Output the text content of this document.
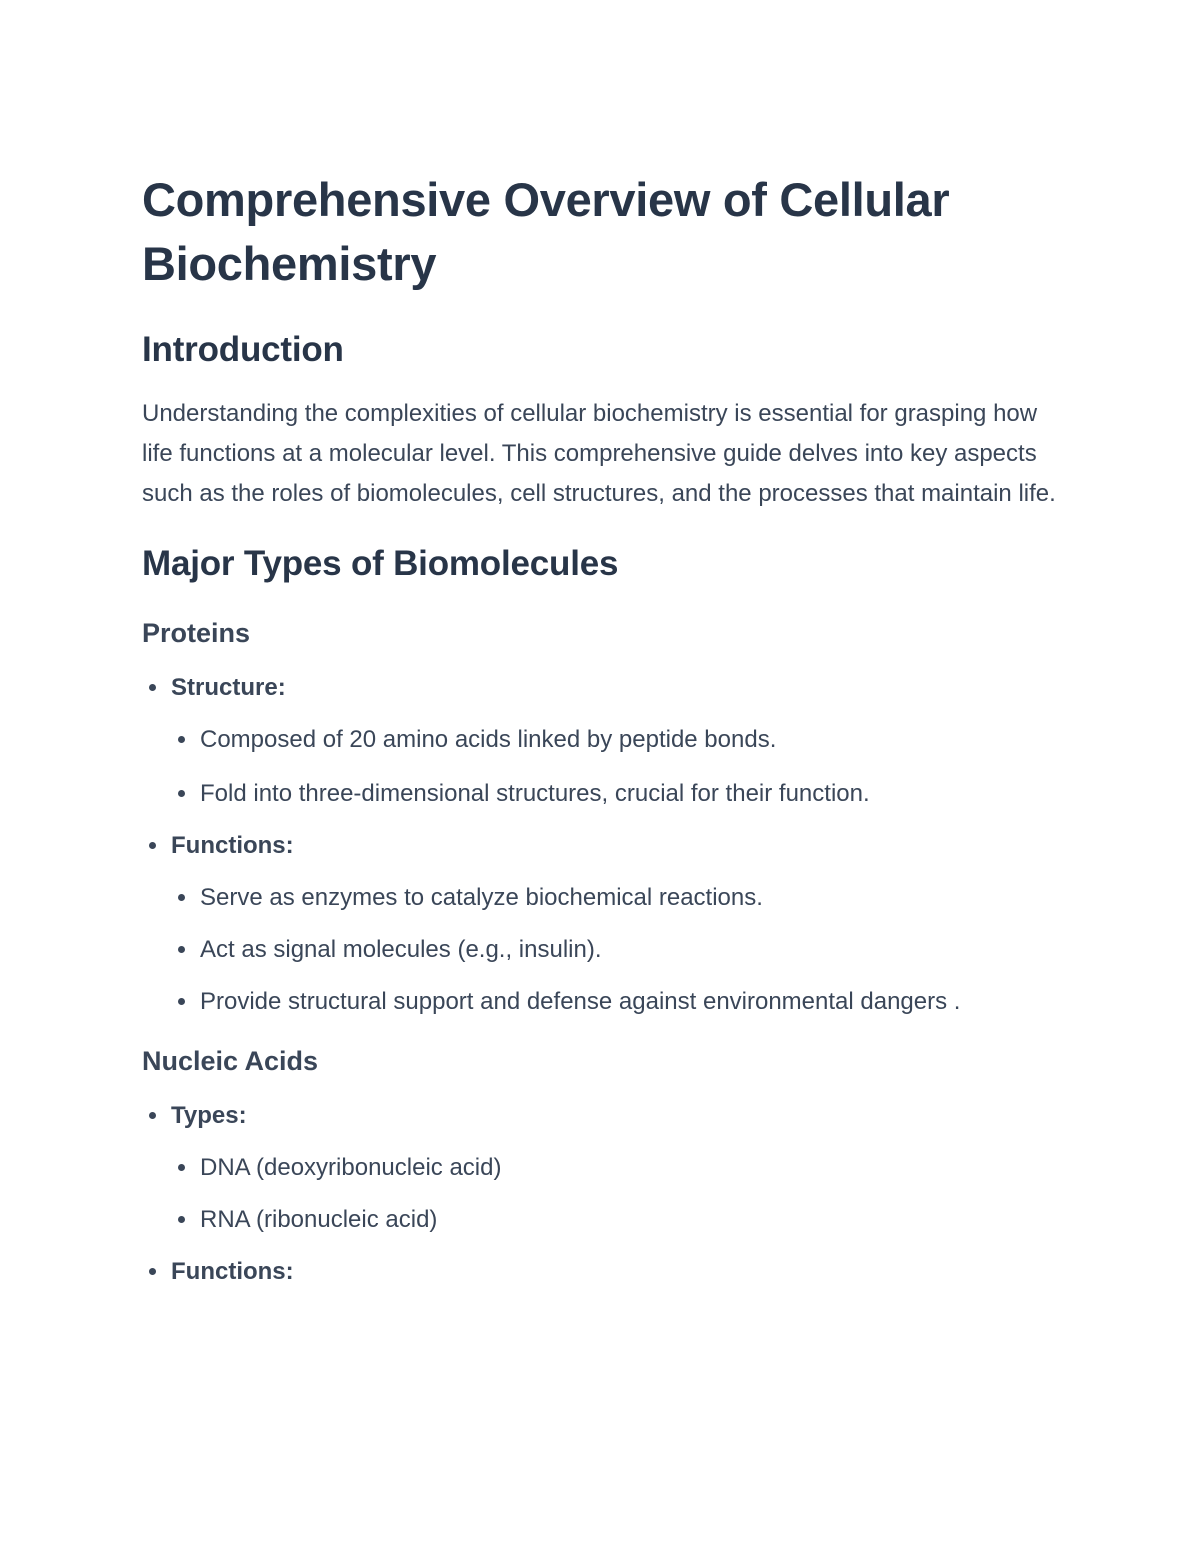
Comprehensive Overview of Cellular Biochemistry
Introduction

Understanding the complexities of cellular biochemistry is essential for grasping how life functions at a molecular level. This comprehensive guide delves into key aspects such as the roles of biomolecules, cell structures, and the processes that maintain life.

Major Types of Biomolecules
Proteins
Structure:
Composed of 20 amino acids linked by peptide bonds.
Fold into three-dimensional structures, crucial for their function.
Functions:
Serve as enzymes to catalyze biochemical reactions.
Act as signal molecules (e.g., insulin).
Provide structural support and defense against environmental dangers .
Nucleic Acids
Types:
DNA (deoxyribonucleic acid)
RNA (ribonucleic acid)
Functions:
